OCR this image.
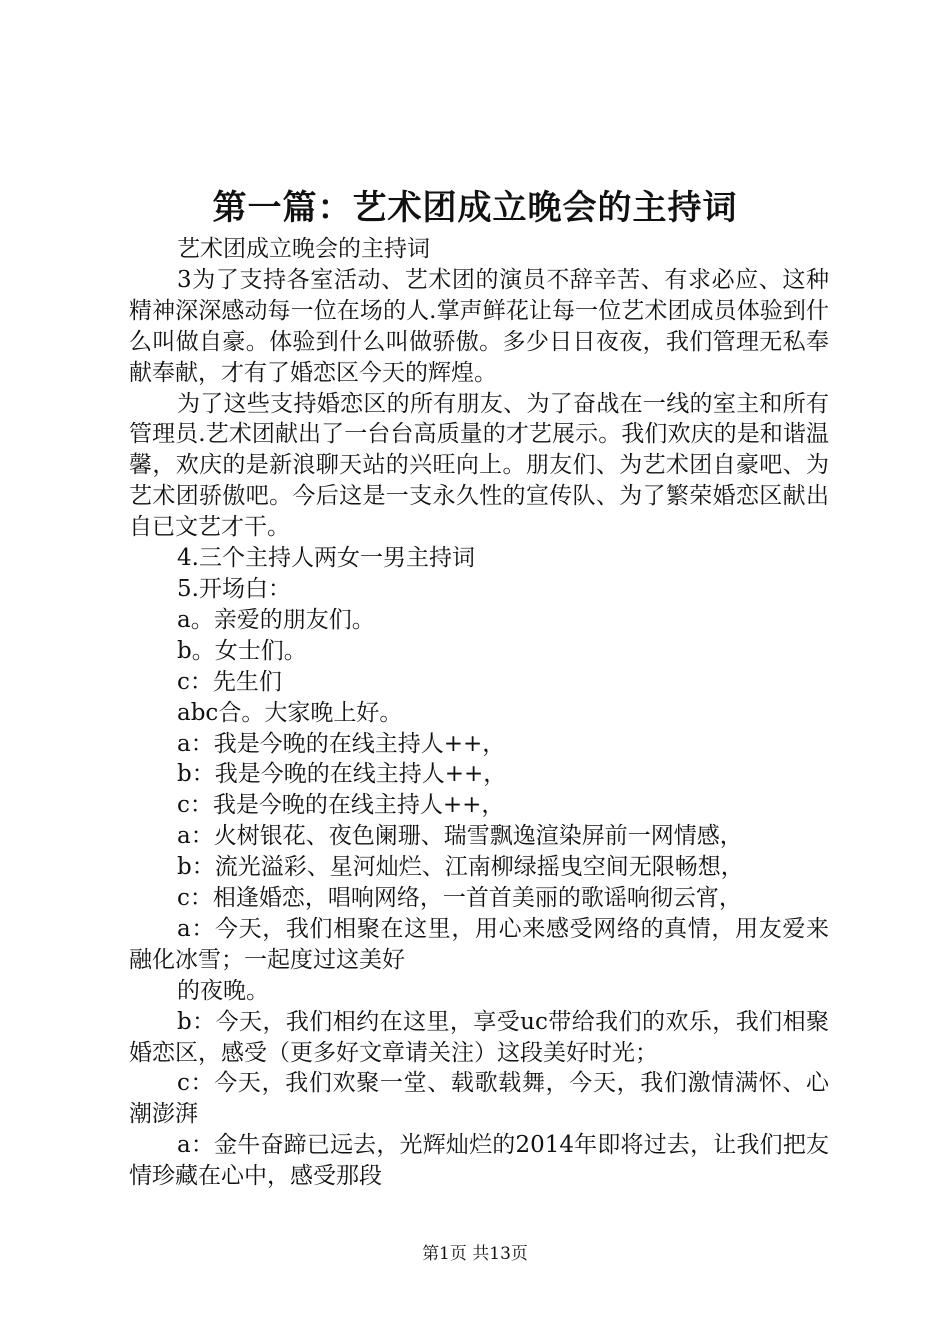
第一篇：艺术团成立晚会的主持词

艺术团成立晚会的主持词

3为了支持各室活动、艺术团的演员不辞辛苦、有求必应、这种精神深深感动每一位在场的人.掌声鲜花让每一位艺术团成员体验到什么叫做自豪。体验到什么叫做骄傲。多少日日夜夜，我们管理无私奉献奉献，才有了婚恋区今天的辉煌。

为了这些支持婚恋区的所有朋友、为了奋战在一线的室主和所有管理员.艺术团献出了一台台高质量的才艺展示。我们欢庆的是和谐温馨，欢庆的是新浪聊天站的兴旺向上。朋友们、为艺术团自豪吧、为艺术团骄傲吧。今后这是一支永久性的宣传队、为了繁荣婚恋区献出自已文艺才干。

4.三个主持人两女一男主持词

5.开场白：

a。亲爱的朋友们。

b。女士们。

c：先生们

abc合。大家晚上好。

a：我是今晚的在线主持人++，

b：我是今晚的在线主持人++，

c：我是今晚的在线主持人++，

a：火树银花、夜色阑珊、瑞雪飘逸渲染屏前一网情感，

b：流光溢彩、星河灿烂、江南柳绿摇曳空间无限畅想，

c：相逢婚恋，唱响网络，一首首美丽的歌谣响彻云宵，

a：今天，我们相聚在这里，用心来感受网络的真情，用友爱来融化冰雪；一起度过这美好

的夜晚。

b：今天，我们相约在这里，享受uc带给我们的欢乐，我们相聚婚恋区，感受（更多好文章请关注）这段美好时光；

c：今天，我们欢聚一堂、载歌载舞，今天，我们激情满怀、心潮澎湃

a：金牛奋蹄已远去，光辉灿烂的2014年即将过去，让我们把友情珍藏在心中，感受那段

第1页 共13页
